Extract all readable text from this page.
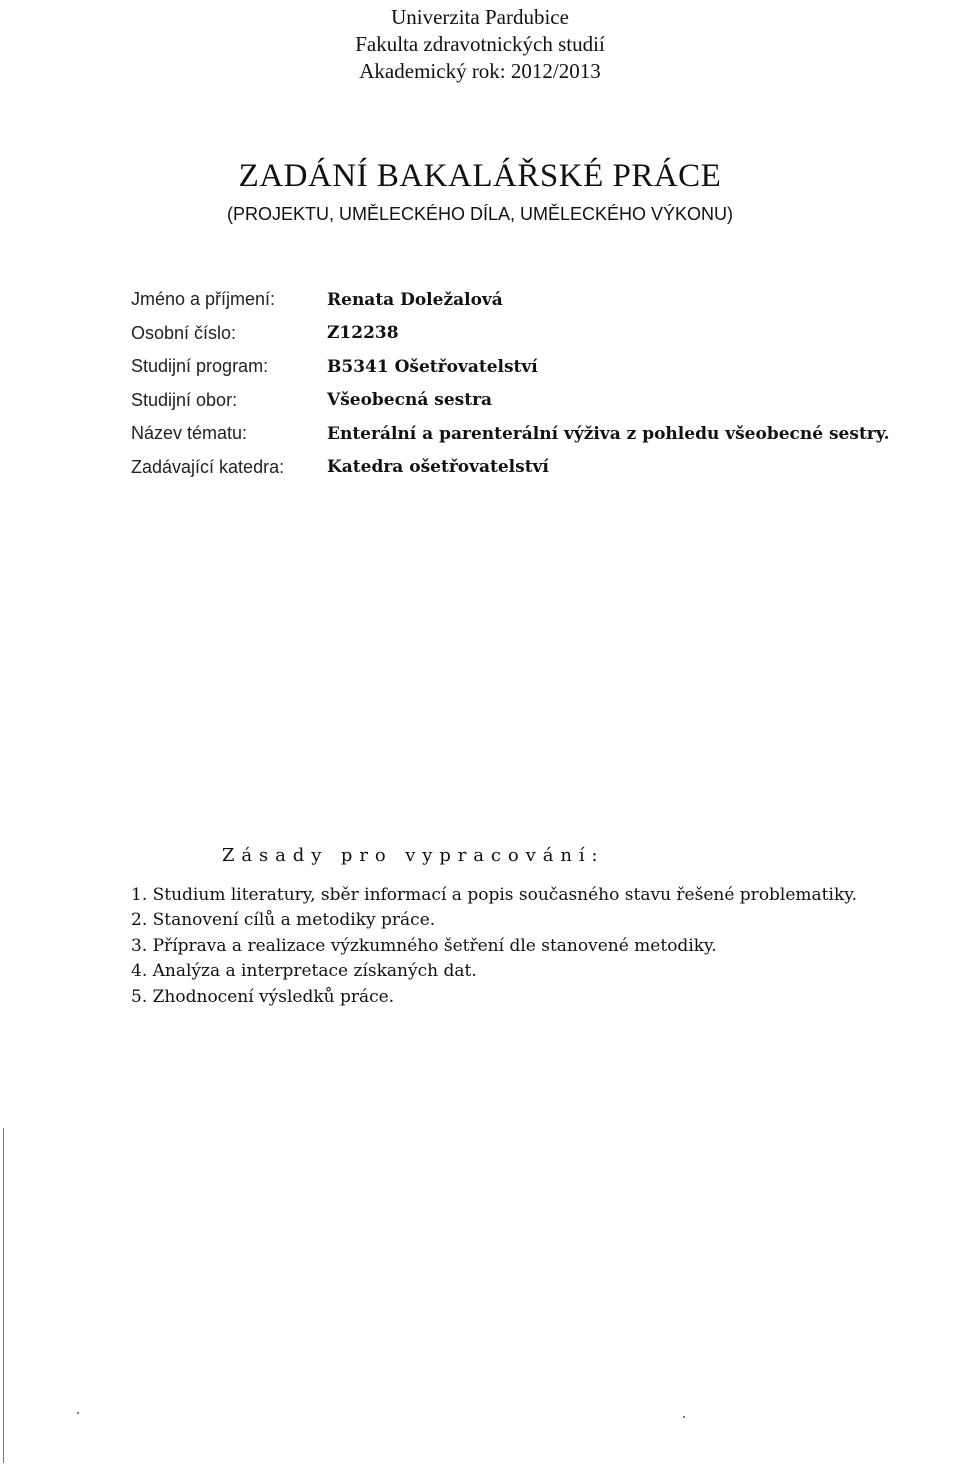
Univerzita Pardubice
Fakulta zdravotnických studií
Akademický rok: 2012/2013
ZADÁNÍ BAKALÁŘSKÉ PRÁCE
(PROJEKTU, UMĚLECKÉHO DÍLA, UMĚLECKÉHO VÝKONU)
Jméno a příjmení:	Renata Doležalová
Osobní číslo:	Z12238
Studijní program:	B5341 Ošetřovatelství
Studijní obor:	Všeobecná sestra
Název tématu:	Enterální a parenterální výživa z pohledu všeobecné sestry.
Zadávající katedra:	Katedra ošetřovatelství
Zásady pro vypracování:
1. Studium literatury, sběr informací a popis současného stavu řešené problematiky.
2. Stanovení cílů a metodiky práce.
3. Příprava a realizace výzkumného šetření dle stanovené metodiky.
4. Analýza a interpretace získaných dat.
5. Zhodnocení výsledků práce.
